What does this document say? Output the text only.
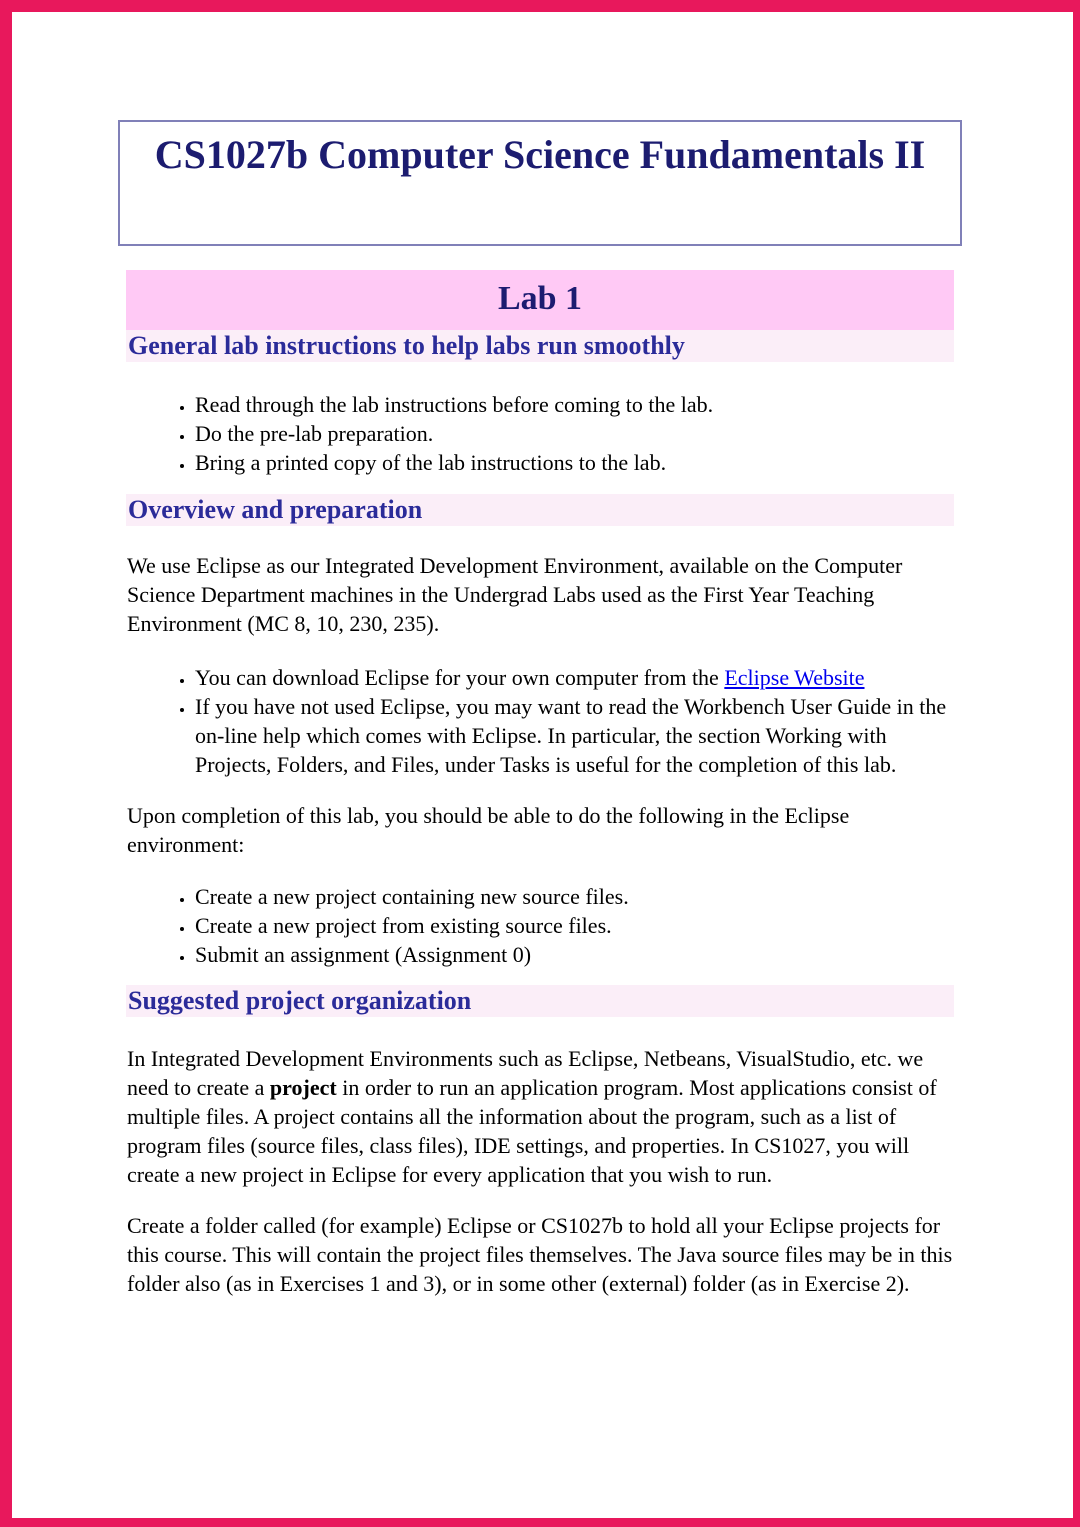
CS1027b Computer Science Fundamentals II
Lab 1
General lab instructions to help labs run smoothly
• Read through the lab instructions before coming to the lab.
• Do the pre-lab preparation.
• Bring a printed copy of the lab instructions to the lab.
Overview and preparation
We use Eclipse as our Integrated Development Environment, available on the Computer Science Department machines in the Undergrad Labs used as the First Year Teaching Environment (MC 8, 10, 230, 235).
• You can download Eclipse for your own computer from the Eclipse Website
• If you have not used Eclipse, you may want to read the Workbench User Guide in the on-line help which comes with Eclipse. In particular, the section Working with Projects, Folders, and Files, under Tasks is useful for the completion of this lab.
Upon completion of this lab, you should be able to do the following in the Eclipse environment:
• Create a new project containing new source files.
• Create a new project from existing source files.
• Submit an assignment (Assignment 0)
Suggested project organization
In Integrated Development Environments such as Eclipse, Netbeans, VisualStudio, etc. we need to create a project in order to run an application program. Most applications consist of multiple files. A project contains all the information about the program, such as a list of program files (source files, class files), IDE settings, and properties. In CS1027, you will create a new project in Eclipse for every application that you wish to run.
Create a folder called (for example) Eclipse or CS1027b to hold all your Eclipse projects for this course. This will contain the project files themselves. The Java source files may be in this folder also (as in Exercises 1 and 3), or in some other (external) folder (as in Exercise 2).
